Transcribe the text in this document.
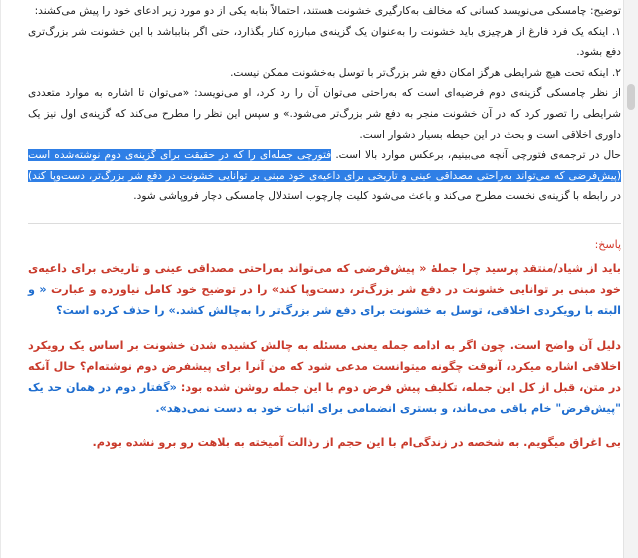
توضیح: چامسکی می‌نویسد کسانی که مخالف به‌کارگیری خشونت هستند، احتمالاً بنابه یکی از دو مورد زیر ادعای خود را پیش می‌کشند:

۱. اینکه یک فرد فارغ از هرچیزی باید خشونت را به‌عنوان یک گزینه‌ی مبارزه کنار بگذارد، حتی اگر بنابباشد با این خشونت شر بزرگ‌تری دفع بشود.

۲. اینکه تحت هیچ شرایطی هرگز امکان دفع شر بزرگ‌تر با توسل به‌خشونت ممکن نیست.

از نظر چامسکی گزینه‌ی دوم فرضیه‌ای است که به‌راحتی می‌توان آن را رد کرد، او می‌نویسد: «می‌توان تا اشاره به موارد متعددی شرایطی را تصور کرد که در آن خشونت منجر به دفع شر بزرگ‌تر می‌شود.» و سپس این نظر را مطرح می‌کند که گزینه‌ی اول نیز یک داوری اخلاقی است و بحث در این حیطه بسیار دشوار است.

حال در ترجمه‌ی فتورچی آنچه می‌بینیم، برعکس موارد بالا است. فتورچی جمله‌ای را که در حقیقت برای گزینه‌ی دوم نوشته‌شده است (پیش‌فرضی که می‌تواند به‌راحتی مصداقی عینی و تاریخی برای داعیه‌ی خود مبنی بر توانایی خشونت در دفع شر بزرگ‌تر، دست‌وپا کند) در رابطه با گزینه‌ی نخست مطرح می‌کند و باعث می‌شود کلیت چارچوب استدلال چامسکی دچار فروپاشی شود.

پاسخ:

باید از شیاد/منتقد پرسید چرا جملهٔ « پیش‌فرضی که می‌تواند به‌راحتی مصداقی عینی و تاریخی برای داعیه‌ی خود مبنی بر توانایی خشونت در دفع شر بزرگ‌تر، دست‌وپا کند» را در توضیح خود کامل نیاورده و عبارت « و البته با رویکردی اخلاقی، توسل به خشونت برای دفع شر بزرگ‌تر را به‌چالش کشد.» را حذف کرده است؟

دلیل آن واضح است. چون اگر به ادامه جمله یعنی مسئله به چالش کشیده شدن خشونت بر اساس یک رویکرد اخلاقی اشاره میکرد، آنوقت چگونه میتوانست مدعی شود که من آنرا برای پیشفرض دوم نوشته‌ام؟ حال آنکه در متن، قبل از کل این جمله، تکلیف پیش فرض دوم با این جمله روشن شده بود: «گفتار دوم در همان حد یک "پیش‌فرض" خام باقی می‌ماند، و بستری انضمامی برای اثبات خود به دست نمی‌دهد».

بی اغراق میگویم. به شخصه در زندگی‌ام با این حجم از رذالت آمیخته به بلاهت رو برو نشده بودم.
